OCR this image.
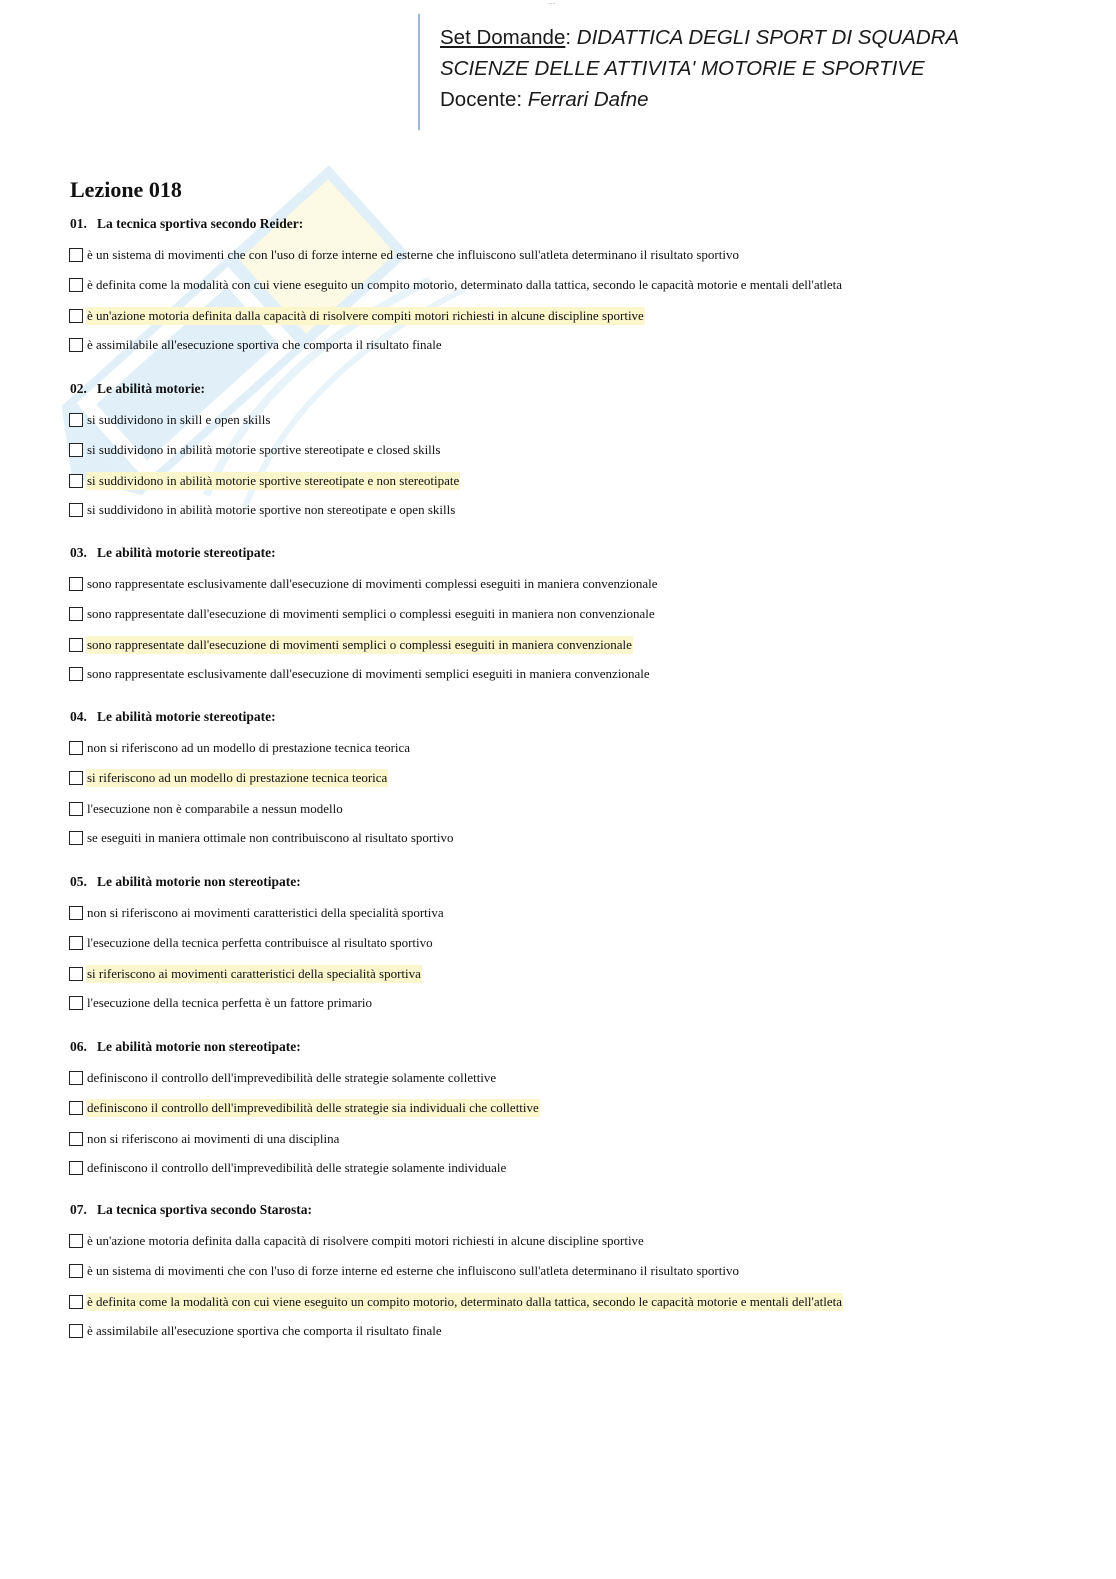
.....
Set Domande: DIDATTICA DEGLI SPORT DI SQUADRA
SCIENZE DELLE ATTIVITA' MOTORIE E SPORTIVE
Docente: Ferrari Dafne
Lezione 018
01. La tecnica sportiva secondo Reider:
è un sistema di movimenti che con l'uso di forze interne ed esterne che influiscono sull'atleta determinano il risultato sportivo
è definita come la modalità con cui viene eseguito un compito motorio, determinato dalla tattica, secondo le capacità motorie e mentali dell'atleta
è un'azione motoria definita dalla capacità di risolvere compiti motori richiesti in alcune discipline sportive
è assimilabile all'esecuzione sportiva che comporta il risultato finale
02. Le abilità motorie:
si suddividono in skill e open skills
si suddividono in abilità motorie sportive stereotipate e closed skills
si suddividono in abilità motorie sportive stereotipate e non stereotipate
si suddividono in abilità motorie sportive non stereotipate e open skills
03. Le abilità motorie stereotipate:
sono rappresentate esclusivamente dall'esecuzione di movimenti complessi eseguiti in maniera convenzionale
sono rappresentate dall'esecuzione di movimenti semplici o complessi eseguiti in maniera non convenzionale
sono rappresentate dall'esecuzione di movimenti semplici o complessi eseguiti in maniera convenzionale
sono rappresentate esclusivamente dall'esecuzione di movimenti semplici eseguiti in maniera convenzionale
04. Le abilità motorie stereotipate:
non si riferiscono ad un modello di prestazione tecnica teorica
si riferiscono ad un modello di prestazione tecnica teorica
l'esecuzione non è comparabile a nessun modello
se eseguiti in maniera ottimale non contribuiscono al risultato sportivo
05. Le abilità motorie non stereotipate:
non si riferiscono ai movimenti caratteristici della specialità sportiva
l'esecuzione della tecnica perfetta contribuisce al risultato sportivo
si riferiscono ai movimenti caratteristici della specialità sportiva
l'esecuzione della tecnica perfetta è un fattore primario
06. Le abilità motorie non stereotipate:
definiscono il controllo dell'imprevedibilità delle strategie solamente collettive
definiscono il controllo dell'imprevedibilità delle strategie sia individuali che collettive
non si riferiscono ai movimenti di una disciplina
definiscono il controllo dell'imprevedibilità delle strategie solamente individuale
07. La tecnica sportiva secondo Starosta:
è un'azione motoria definita dalla capacità di risolvere compiti motori richiesti in alcune discipline sportive
è un sistema di movimenti che con l'uso di forze interne ed esterne che influiscono sull'atleta determinano il risultato sportivo
è definita come la modalità con cui viene eseguito un compito motorio, determinato dalla tattica, secondo le capacità motorie e mentali dell'atleta
è assimilabile all'esecuzione sportiva che comporta il risultato finale
